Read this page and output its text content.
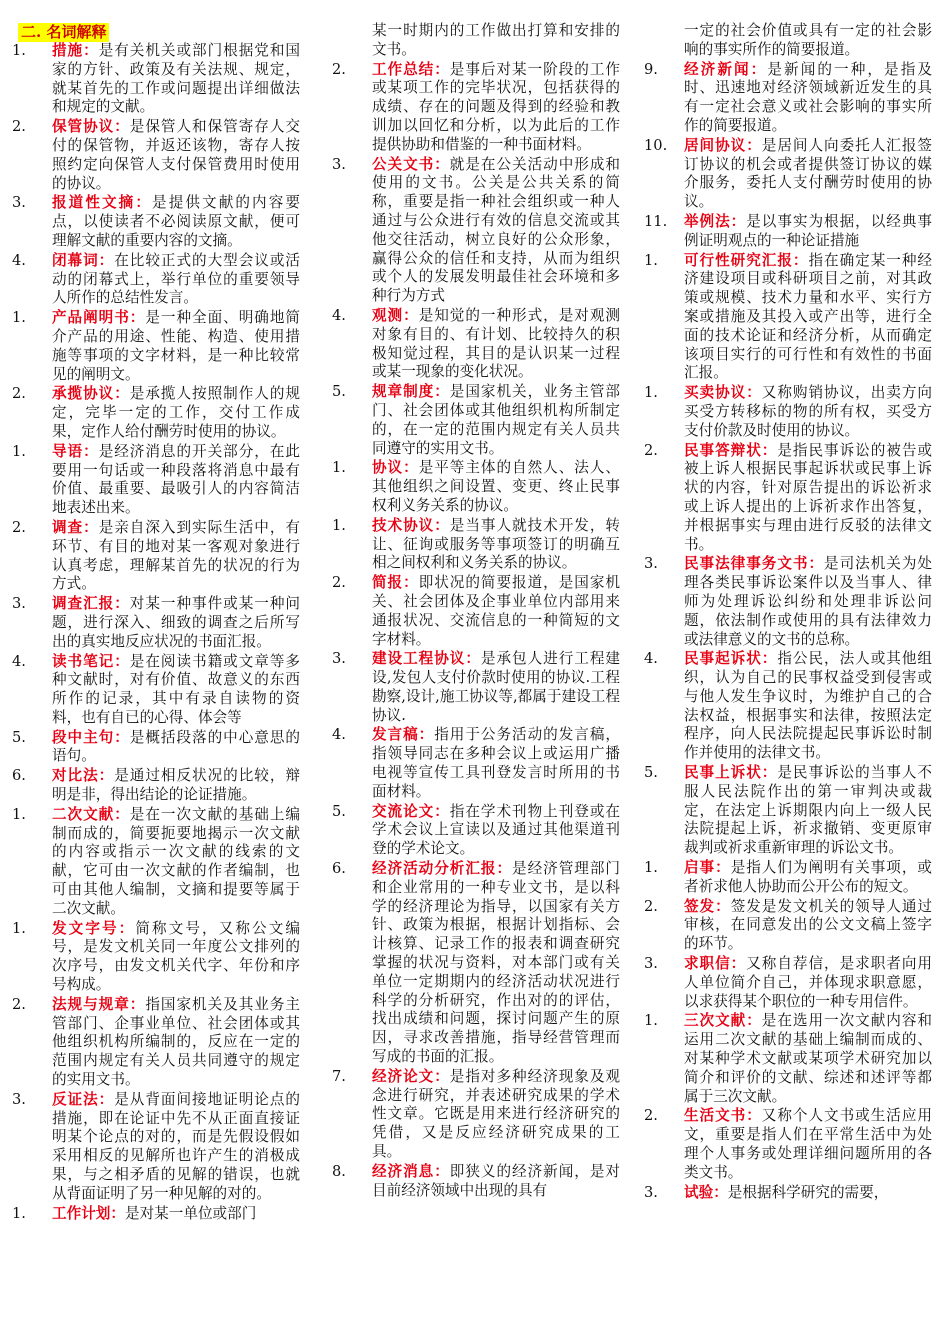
二. 名词解释
1. 措施：是有关机关或部门根据党和国家的方针、政策及有关法规、规定，就某首先的工作或问题提出详细做法和规定的文献。
2. 保管协议：是保管人和保管寄存人交付的保管物，并返还该物，寄存人按照约定向保管人支付保管费用时使用的协议。
3. 报道性文摘：是提供文献的内容要点，以使读者不必阅读原文献，便可理解文献的重要内容的文摘。
4. 闭幕词：在比较正式的大型会议或活动的闭幕式上，举行单位的重要领导人所作的总结性发言。
1. 产品阐明书：是一种全面、明确地简介产品的用途、性能、构造、使用措施等事项的文字材料，是一种比较常见的阐明文。
2. 承揽协议：是承揽人按照制作人的规定，完毕一定的工作，交付工作成果，定作人给付酬劳时使用的协议。
1. 导语：是经济消息的开关部分，在此要用一句话或一种段落将消息中最有价值、最重要、最吸引人的内容简洁地表述出来。
2. 调查：是亲自深入到实际生活中，有环节、有目的地对某一客观对象进行认真考虑，理解某首先的状况的行为方式。
3. 调查汇报：对某一种事件或某一种问题，进行深入、细致的调查之后所写出的真实地反应状况的书面汇报。
4. 读书笔记：是在阅读书籍或文章等多种文献时，对有价值、故意义的东西所作的记录，其中有录自读物的资料，也有自已的心得、体会等
5. 段中主句：是概括段落的中心意思的语句。
6. 对比法：是通过相反状况的比较，辩明是非，得出结论的论证措施。
1. 二次文献：是在一次文献的基础上编制而成的，简要扼要地揭示一次文献的内容或指示一次文献的线索的文献，它可由一次文献的作者编制，也可由其他人编制，文摘和提要等属于二次文献。
1. 发文字号：简称文号，又称公文编号，是发文机关同一年度公文排列的次序号，由发文机关代字、年份和序号构成。
2. 法规与规章：指国家机关及其业务主管部门、企事业单位、社会团体或其他组织机构所编制的，反应在一定的范围内规定有关人员共同遵守的规定的实用文书。
3. 反证法：是从背面间接地证明论点的措施，即在论证中先不从正面直接证明某个论点的对的，而是先假设假如采用相反的见解所也许产生的消极成果，与之相矛盾的见解的错误，也就从背面证明了另一种见解的对的。
1. 工作计划：是对某一单位或部门
某一时期内的工作做出打算和安排的文书。
2. 工作总结：是事后对某一阶段的工作或某项工作的完毕状况，包括获得的成绩、存在的问题及得到的经验和教训加以回忆和分析，以为此后的工作提供协助和借鉴的一种书面材料。
3. 公关文书：就是在公关活动中形成和使用的文书。公关是公共关系的简称，重要是指一种社会组织或一种人通过与公众进行有效的信息交流或其他交往活动，树立良好的公众形象，赢得公众的信任和支持，从而为组织或个人的发展发明最佳社会环境和多种行为方式
4. 观测：是知觉的一种形式，是对观测对象有目的、有计划、比较持久的积极知觉过程，其目的是认识某一过程或某一现象的变化状况。
5. 规章制度：是国家机关，业务主管部门、社会团体或其他组织机构所制定的，在一定的范围内规定有关人员共同遵守的实用文书。
1. 协议：是平等主体的自然人、法人、其他组织之间设置、变更、终止民事权利义务关系的协议。
1. 技术协议：是当事人就技术开发，转让、征询或服务等事项签订的明确互相之间权利和义务关系的协议。
2. 简报：即状况的简要报道，是国家机关、社会团体及企事业单位内部用来通报状况、交流信息的一种简短的文字材料。
3. 建设工程协议：是承包人进行工程建设,发包人支付价款时使用的协议.工程勘察,设计,施工协议等,都属于建设工程协议.
4. 发言稿：指用于公务活动的发言稿，指领导同志在多种会议上或运用广播电视等宣传工具刊登发言时所用的书面材料。
5. 交流论文：指在学术刊物上刊登或在学术会议上宣读以及通过其他渠道刊登的学术论文。
6. 经济活动分析汇报：是经济管理部门和企业常用的一种专业文书，是以科学的经济理论为指导，以国家有关方针、政策为根据，根据计划指标、会计核算、记录工作的报表和调查研究掌握的状况与资料，对本部门或有关单位一定期期内的经济活动状况进行科学的分析研究，作出对的的评估，找出成绩和问题，探讨问题产生的原因，寻求改善措施，指导经营管理而写成的书面的汇报。
7. 经济论文：是指对多种经济现象及观念进行研究，并表述研究成果的学术性文章。它既是用来进行经济研究的凭借，又是反应经济研究成果的工具。
8. 经济消息：即狭义的经济新闻，是对目前经济领域中出现的具有
一定的社会价值或具有一定的社会影响的事实所作的简要报道。
9. 经济新闻：是新闻的一种，是指及时、迅速地对经济领域新近发生的具有一定社会意义或社会影响的事实所作的简要报道。
10. 居间协议：是居间人向委托人汇报签订协议的机会或者提供签订协议的媒介服务，委托人支付酬劳时使用的协议。
11. 举例法：是以事实为根据，以经典事例证明观点的一种论证措施
1. 可行性研究汇报：指在确定某一种经济建设项目或科研项目之前，对其政策或规模、技术力量和水平、实行方案或措施及其投入或产出等，进行全面的技术论证和经济分析，从而确定该项目实行的可行性和有效性的书面汇报。
1. 买卖协议：又称购销协议，出卖方向买受方转移标的物的所有权，买受方支付价款及时使用的协议。
2. 民事答辩状：是指民事诉讼的被告或被上诉人根据民事起诉状或民事上诉状的内容，针对原告提出的诉讼祈求或上诉人提出的上诉祈求作出答复，并根据事实与理由进行反驳的法律文书。
3. 民事法律事务文书：是司法机关为处理各类民事诉讼案件以及当事人、律师为处理诉讼纠纷和处理非诉讼问题，依法制作或使用的具有法律效力或法律意义的文书的总称。
4. 民事起诉状：指公民，法人或其他组织，认为自己的民事权益受到侵害或与他人发生争议时，为维护自己的合法权益，根据事实和法律，按照法定程序，向人民法院提起民事诉讼时制作并使用的法律文书。
5. 民事上诉状：是民事诉讼的当事人不服人民法院作出的第一审判决或裁定，在法定上诉期限内向上一级人民法院提起上诉，祈求撤销、变更原审裁判或祈求重新审理的诉讼文书。
1. 启事：是指人们为阐明有关事项，或者祈求他人协助而公开公布的短文。
2. 签发：签发是发文机关的领导人通过审核，在同意发出的公文文稿上签字的环节。
3. 求职信：又称自荐信，是求职者向用人单位简介自己，并体现求职意愿，以求获得某个职位的一种专用信件。
1. 三次文献：是在选用一次文献内容和运用二次文献的基础上编制而成的、对某种学术文献或某项学术研究加以简介和评价的文献、综述和述评等都属于三次文献。
2. 生活文书：又称个人文书或生活应用文，重要是指人们在平常生活中为处理个人事务或处理详细问题所用的各类文书。
3. 试验：是根据科学研究的需要，
